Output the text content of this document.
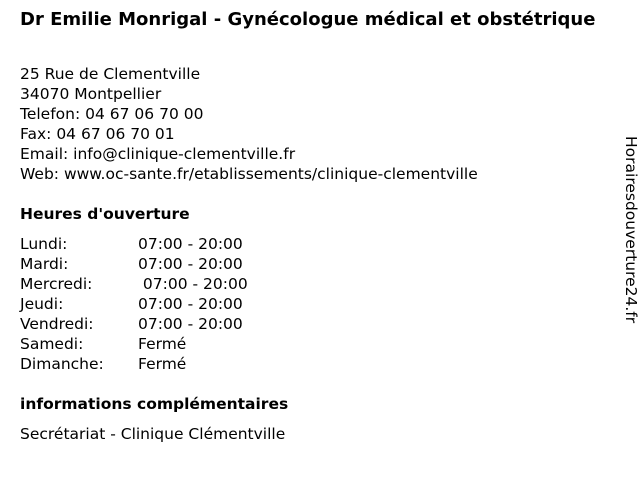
Dr Emilie Monrigal - Gynécologue médical et obstétrique
25 Rue de Clementville
34070 Montpellier
Telefon: 04 67 06 70 00
Fax: 04 67 06 70 01
Email: info@clinique-clementville.fr
Web: www.oc-sante.fr/etablissements/clinique-clementville
Heures d'ouverture
Lundi:	07:00 - 20:00
Mardi:	07:00 - 20:00
Mercredi:	07:00 - 20:00
Jeudi:	07:00 - 20:00
Vendredi:	07:00 - 20:00
Samedi:	Fermé
Dimanche: Fermé
informations complémentaires
Secrétariat - Clinique Clémentville
Horairesdouverture24.fr
